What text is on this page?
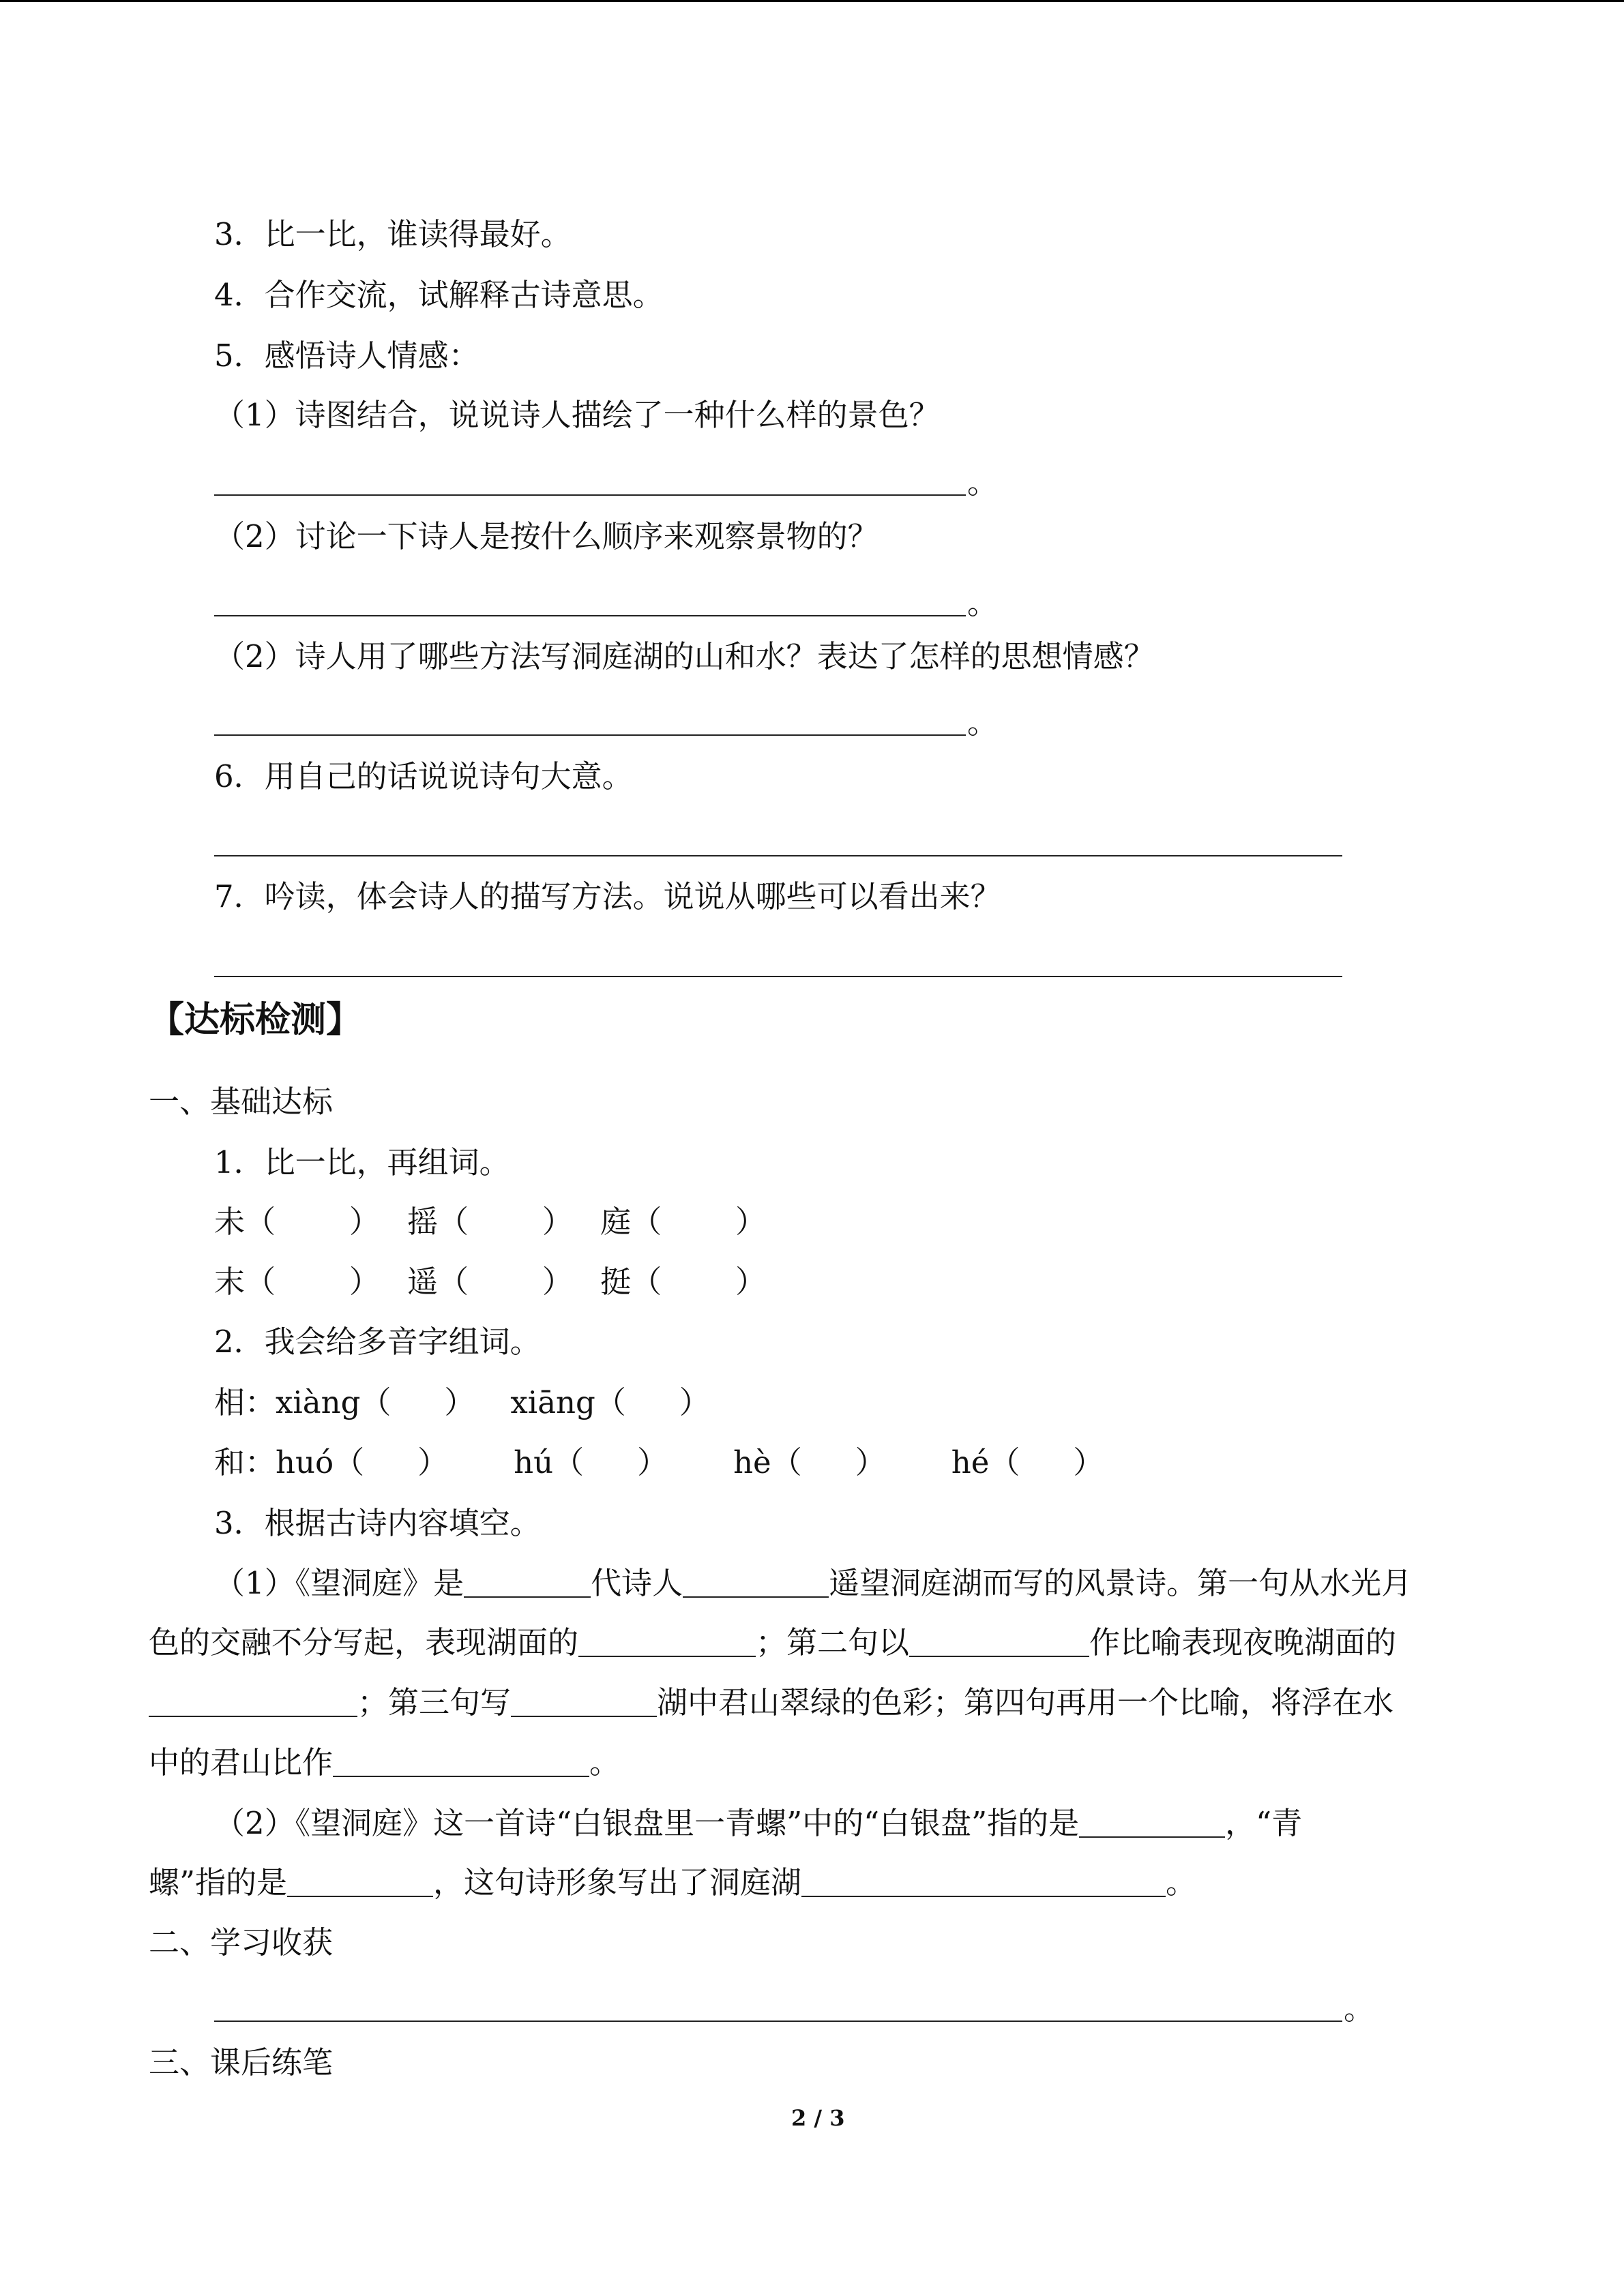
3．比一比，谁读得最好。
4．合作交流，试解释古诗意思。
5．感悟诗人情感：
（1）诗图结合，说说诗人描绘了一种什么样的景色？
。
（2）讨论一下诗人是按什么顺序来观察景物的？
。
（2）诗人用了哪些方法写洞庭湖的山和水？表达了怎样的思想情感？
。
6．用自己的话说说诗句大意。
7．吟读，体会诗人的描写方法。说说从哪些可以看出来？
【达标检测】
一、基础达标
1．比一比，再组词。
未（ ） 摇（ ） 庭（ ）
末（ ） 遥（ ） 挺（ ）
2．我会给多音字组词。
相：xiàng（ ） xiāng（ ）
和：huó（ ） hú（ ） hè（ ） hé（ ）
3．根据古诗内容填空。
（1）《望洞庭》是	代诗人	遥望洞庭湖而写的风景诗。第一句从水光月
色的交融不分写起，表现湖面的	；第二句以	作比喻表现夜晚湖面的
；第三句写	湖中君山翠绿的色彩；第四句再用一个比喻，将浮在水
中的君山比作	。
（2）《望洞庭》这一首诗“白银盘里一青螺”中的“白银盘”指的是	，“青
螺”指的是	，这句诗形象写出了洞庭湖	。
二、学习收获
。
三、课后练笔
2 / 3
